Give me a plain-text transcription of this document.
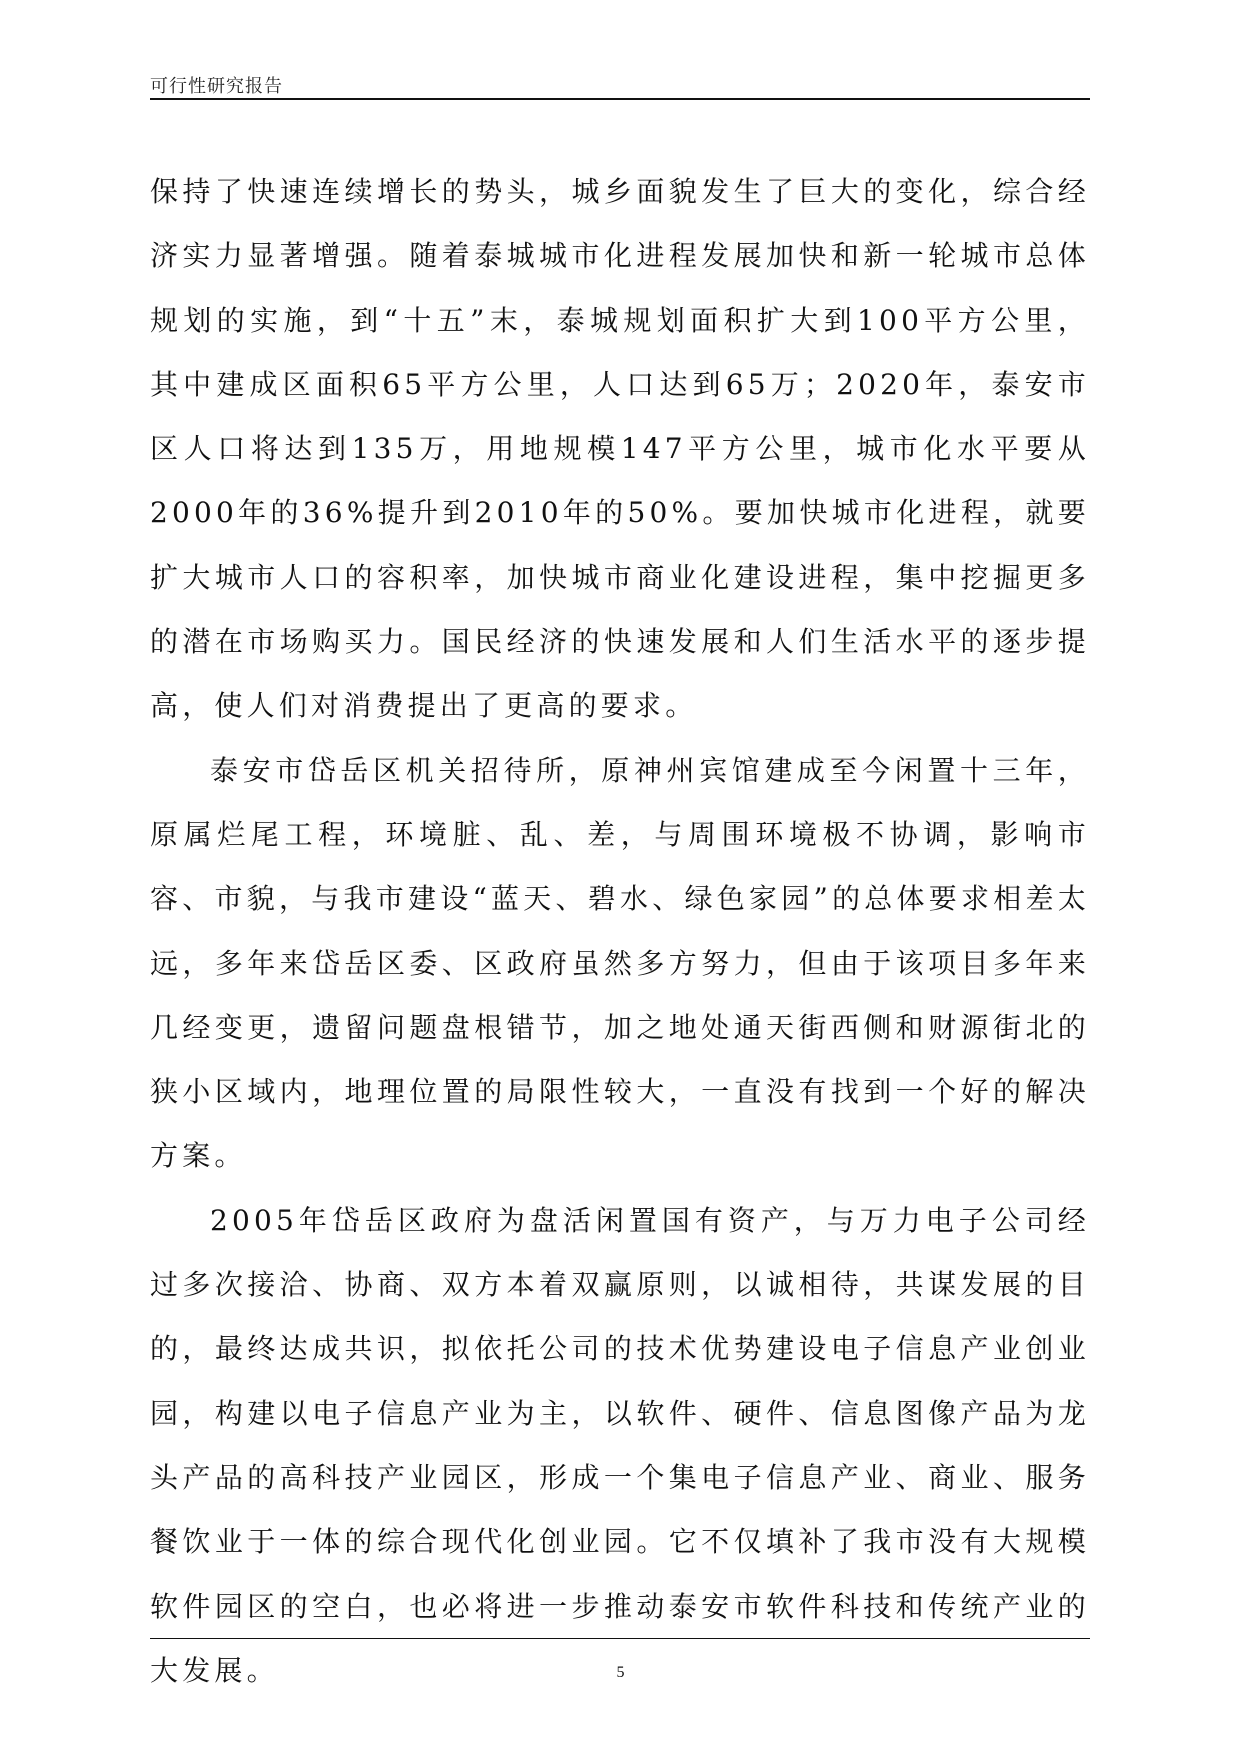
可行性研究报告

保持了快速连续增长的势头，城乡面貌发生了巨大的变化，综合经济实力显著增强。随着泰城城市化进程发展加快和新一轮城市总体规划的实施，到“十五”末，泰城规划面积扩大到100平方公里，其中建成区面积65平方公里，人口达到65万；2020年，泰安市区人口将达到135万，用地规模147平方公里，城市化水平要从2000年的36%提升到2010年的50%。要加快城市化进程，就要扩大城市人口的容积率，加快城市商业化建设进程，集中挖掘更多的潜在市场购买力。国民经济的快速发展和人们生活水平的逐步提高，使人们对消费提出了更高的要求。

泰安市岱岳区机关招待所，原神州宾馆建成至今闲置十三年，原属烂尾工程，环境脏、乱、差，与周围环境极不协调，影响市容、市貌，与我市建设“蓝天、碧水、绿色家园”的总体要求相差太远，多年来岱岳区委、区政府虽然多方努力，但由于该项目多年来几经变更，遗留问题盘根错节，加之地处通天街西侧和财源街北的狭小区域内，地理位置的局限性较大，一直没有找到一个好的解决方案。

2005年岱岳区政府为盘活闲置国有资产，与万力电子公司经过多次接洽、协商、双方本着双赢原则，以诚相待，共谋发展的目的，最终达成共识，拟依托公司的技术优势建设电子信息产业创业园，构建以电子信息产业为主，以软件、硬件、信息图像产品为龙头产品的高科技产业园区，形成一个集电子信息产业、商业、服务餐饮业于一体的综合现代化创业园。它不仅填补了我市没有大规模软件园区的空白，也必将进一步推动泰安市软件科技和传统产业的大发展。	5
